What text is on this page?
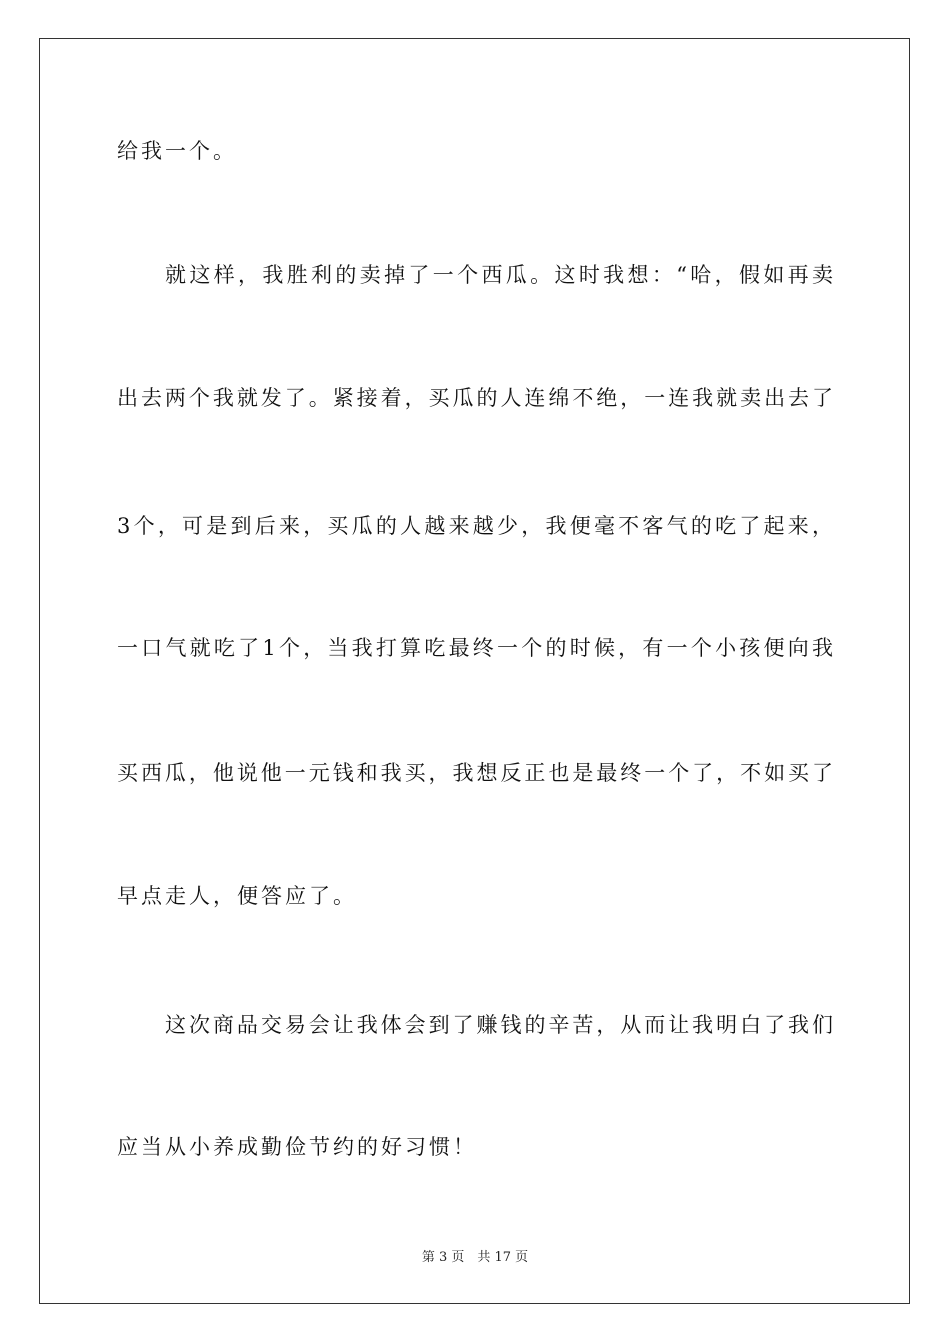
给我一个。
就这样，我胜利的卖掉了一个西瓜。这时我想：“哈，假如再卖
出去两个我就发了。紧接着，买瓜的人连绵不绝，一连我就卖出去了
3个，可是到后来，买瓜的人越来越少，我便毫不客气的吃了起来，
一口气就吃了1个，当我打算吃最终一个的时候，有一个小孩便向我
买西瓜，他说他一元钱和我买，我想反正也是最终一个了，不如买了
早点走人，便答应了。
这次商品交易会让我体会到了赚钱的辛苦，从而让我明白了我们
应当从小养成勤俭节约的好习惯！
第 3 页　共 17 页
